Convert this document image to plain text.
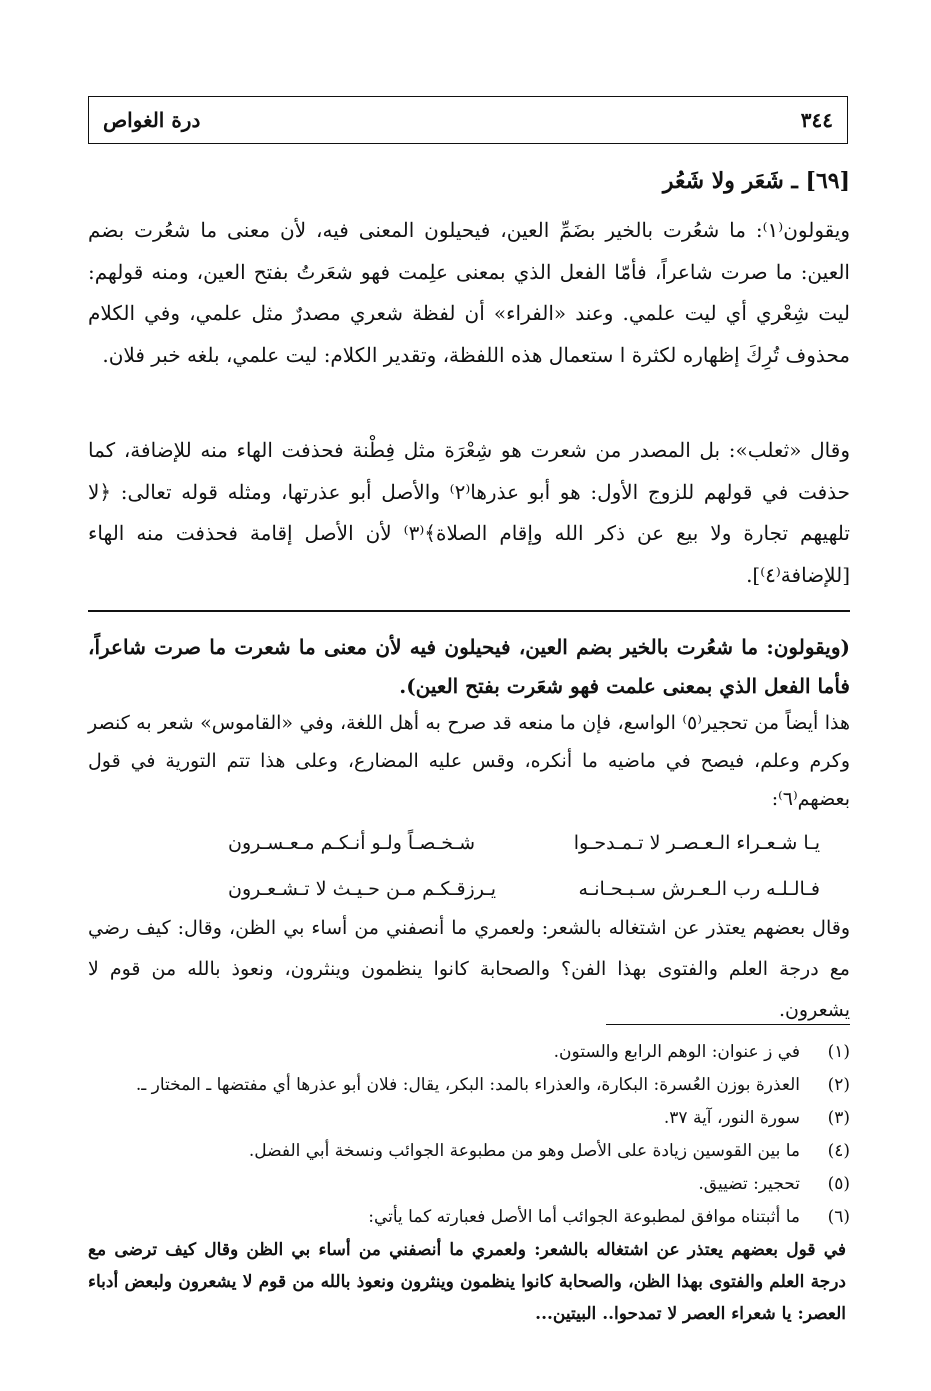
٣٤٤
درة الغواص
[٦٩] ـ شَعَر ولا شَعُر
ويقولون⁽١⁾: ما شعُرت بالخير بضَمِّ العين، فيحيلون المعنى فيه، لأن معنى ما شعُرت بضم العين: ما صرت شاعراً، فأمّا الفعل الذي بمعنى علِمت فهو شعَرتُ بفتح العين، ومنه قولهم: ليت شِعْري أي ليت علمي. وعند «الفراء» أن لفظة شعري مصدرٌ مثل علمي، وفي الكلام محذوف تُرِكَ إظهاره لكثرة ا ستعمال هذه اللفظة، وتقدير الكلام: ليت علمي، بلغه خبر فلان.
وقال «ثعلب»: بل المصدر من شعرت هو شِعْرَة مثل فِطْنة فحذفت الهاء منه للإضافة، كما حذفت في قولهم للزوج الأول: هو أبو عذرها⁽٢⁾ والأصل أبو عذرتها، ومثله قوله تعالى: ﴿لا تلهيهم تجارة ولا بيع عن ذكر الله وإقام الصلاة﴾⁽٣⁾ لأن الأصل إقامة فحذفت منه الهاء [للإضافة⁽٤⁾].
(ويقولون: ما شعُرت بالخير بضم العين، فيحيلون فيه لأن معنى ما شعرت ما صرت شاعراً، فأما الفعل الذي بمعنى علمت فهو شعَرت بفتح العين).
هذا أيضاً من تحجير⁽٥⁾ الواسع، فإن ما منعه قد صرح به أهل اللغة، وفي «القاموس» شعر به كنصر وكرم وعلم، فيصح في ماضيه ما أنكره، وقس عليه المضارع، وعلى هذا تتم التورية في قول بعضهم⁽٦⁾:
يـا شـعـراء الـعـصـر لا تـمـدحـوا
شـخـصـاً ولـو أنـكـم مـعـسـرون
فـالـلـه رب الـعـرش سـبـحـانـه
يـرزقـكـم مـن حـيـث لا تـشـعـرون
وقال بعضهم يعتذر عن اشتغاله بالشعر: ولعمري ما أنصفني من أساء بي الظن، وقال: كيف رضي مع درجة العلم والفتوى بهذا الفن؟ والصحابة كانوا ينظمون وينثرون، ونعوذ بالله من قوم لا يشعرون.
(١)
في ز عنوان: الوهم الرابع والستون.
(٢)
العذرة بوزن العُسرة: البكارة، والعذراء بالمد: البكر، يقال: فلان أبو عذرها أي مفتضها ـ المختار ـ.
(٣)
سورة النور، آية ٣٧.
(٤)
ما بين القوسين زيادة على الأصل وهو من مطبوعة الجوائب ونسخة أبي الفضل.
(٥)
تحجير: تضييق.
(٦)
ما أثبتناه موافق لمطبوعة الجوائب أما الأصل فعبارته كما يأتي:
في قول بعضهم يعتذر عن اشتغاله بالشعر: ولعمري ما أنصفني من أساء بي الظن وقال كيف ترضى مع درجة العلم والفتوى بهذا الظن، والصحابة كانوا ينظمون وينثرون ونعوذ بالله من قوم لا يشعرون ولبعض أدباء العصر: يا شعراء العصر لا تمدحوا.. البيتين...
